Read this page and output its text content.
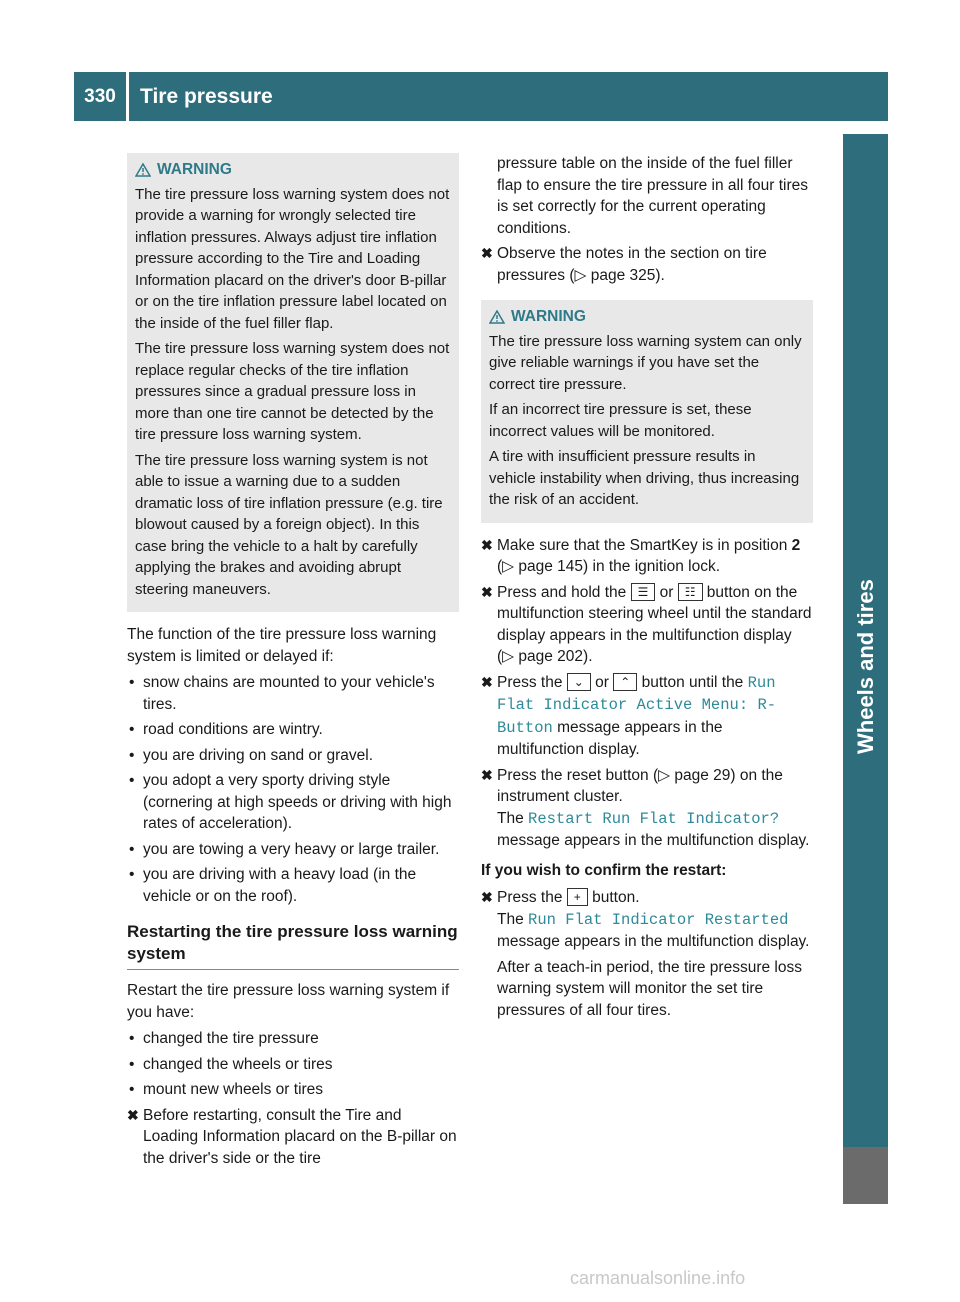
330	Tire pressure
Wheels and tires
WARNING

The tire pressure loss warning system does not provide a warning for wrongly selected tire inflation pressures. Always adjust tire inflation pressure according to the Tire and Loading Information placard on the driver's door B-pillar or on the tire inflation pressure label located on the inside of the fuel filler flap.

The tire pressure loss warning system does not replace regular checks of the tire inflation pressures since a gradual pressure loss in more than one tire cannot be detected by the tire pressure loss warning system.

The tire pressure loss warning system is not able to issue a warning due to a sudden dramatic loss of tire inflation pressure (e.g. tire blowout caused by a foreign object). In this case bring the vehicle to a halt by carefully applying the brakes and avoiding abrupt steering maneuvers.

The function of the tire pressure loss warning system is limited or delayed if:

• snow chains are mounted to your vehicle's tires.
• road conditions are wintry.
• you are driving on sand or gravel.
• you adopt a very sporty driving style (cornering at high speeds or driving with high rates of acceleration).
• you are towing a very heavy or large trailer.
• you are driving with a heavy load (in the vehicle or on the roof).
Restarting the tire pressure loss warning system

Restart the tire pressure loss warning system if you have:

• changed the tire pressure
• changed the wheels or tires
• mount new wheels or tires
✖ Before restarting, consult the Tire and Loading Information placard on the B-pillar on the driver's side or the tire
pressure table on the inside of the fuel filler flap to ensure the tire pressure in all four tires is set correctly for the current operating conditions.
✖ Observe the notes in the section on tire pressures (▷ page 325).
WARNING

The tire pressure loss warning system can only give reliable warnings if you have set the correct tire pressure.

If an incorrect tire pressure is set, these incorrect values will be monitored.

A tire with insufficient pressure results in vehicle instability when driving, thus increasing the risk of an accident.

✖ Make sure that the SmartKey is in position 2 (▷ page 145) in the ignition lock.
✖ Press and hold the ☰ or ☷ button on the multifunction steering wheel until the standard display appears in the multifunction display (▷ page 202).
✖ Press the ⌄ or ⌃ button until the Run Flat Indicator Active Menu: R-Button message appears in the multifunction display.
✖ Press the reset button (▷ page 29) on the instrument cluster.
The Restart Run Flat Indicator? message appears in the multifunction display.
If you wish to confirm the restart:
✖ Press the + button.
The Run Flat Indicator Restarted message appears in the multifunction display.

After a teach-in period, the tire pressure loss warning system will monitor the set tire pressures of all four tires.

carmanualsonline.info
